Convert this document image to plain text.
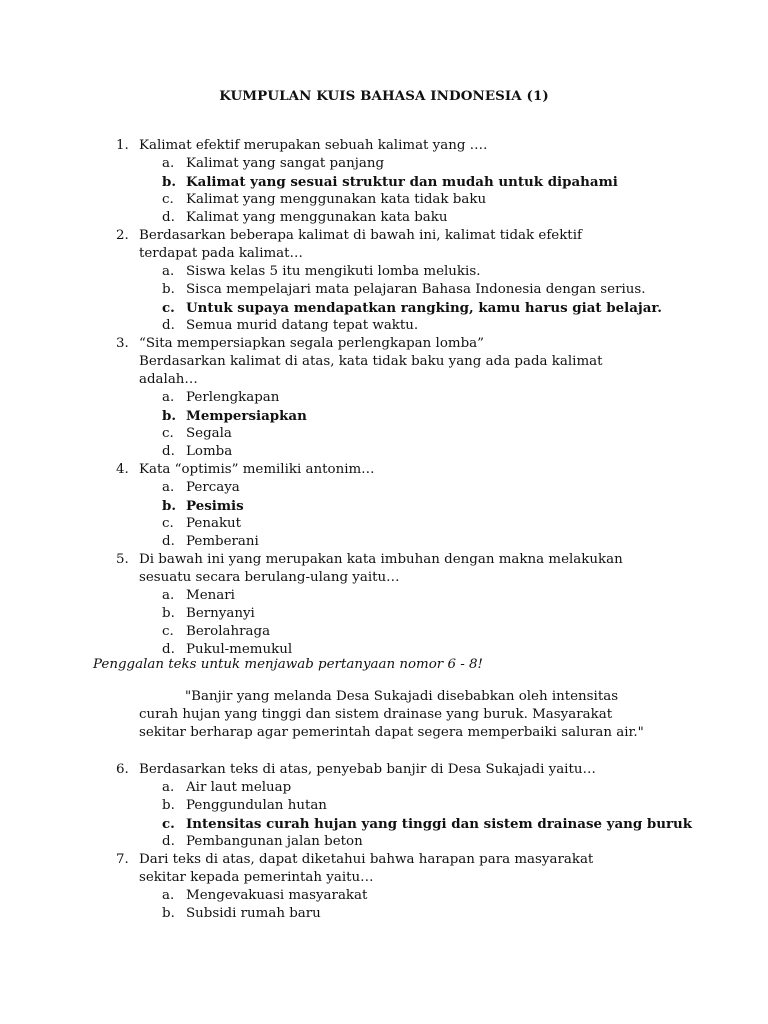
KUMPULAN KUIS BAHASA INDONESIA (1)
1. Kalimat efektif merupakan sebuah kalimat yang ….
a. Kalimat yang sangat panjang
b. Kalimat yang sesuai struktur dan mudah untuk dipahami
c. Kalimat yang menggunakan kata tidak baku
d. Kalimat yang menggunakan kata baku
2. Berdasarkan beberapa kalimat di bawah ini, kalimat tidak efektif terdapat pada kalimat…
a. Siswa kelas 5 itu mengikuti lomba melukis.
b. Sisca mempelajari mata pelajaran Bahasa Indonesia dengan serius.
c. Untuk supaya mendapatkan rangking, kamu harus giat belajar.
d. Semua murid datang tepat waktu.
3. “Sita mempersiapkan segala perlengkapan lomba”
Berdasarkan kalimat di atas, kata tidak baku yang ada pada kalimat adalah…
a. Perlengkapan
b. Mempersiapkan
c. Segala
d. Lomba
4. Kata “optimis” memiliki antonim…
a. Percaya
b. Pesimis
c. Penakut
d. Pemberani
5. Di bawah ini yang merupakan kata imbuhan dengan makna melakukan sesuatu secara berulang-ulang yaitu…
a. Menari
b. Bernyanyi
c. Berolahraga
d. Pukul-memukul
Penggalan teks untuk menjawab pertanyaan nomor 6 - 8!
"Banjir yang melanda Desa Sukajadi disebabkan oleh intensitas curah hujan yang tinggi dan sistem drainase yang buruk. Masyarakat sekitar berharap agar pemerintah dapat segera memperbaiki saluran air."
6. Berdasarkan teks di atas, penyebab banjir di Desa Sukajadi yaitu…
a. Air laut meluap
b. Penggundulan hutan
c. Intensitas curah hujan yang tinggi dan sistem drainase yang buruk
d. Pembangunan jalan beton
7. Dari teks di atas, dapat diketahui bahwa harapan para masyarakat sekitar kepada pemerintah yaitu…
a. Mengevakuasi masyarakat
b. Subsidi rumah baru
